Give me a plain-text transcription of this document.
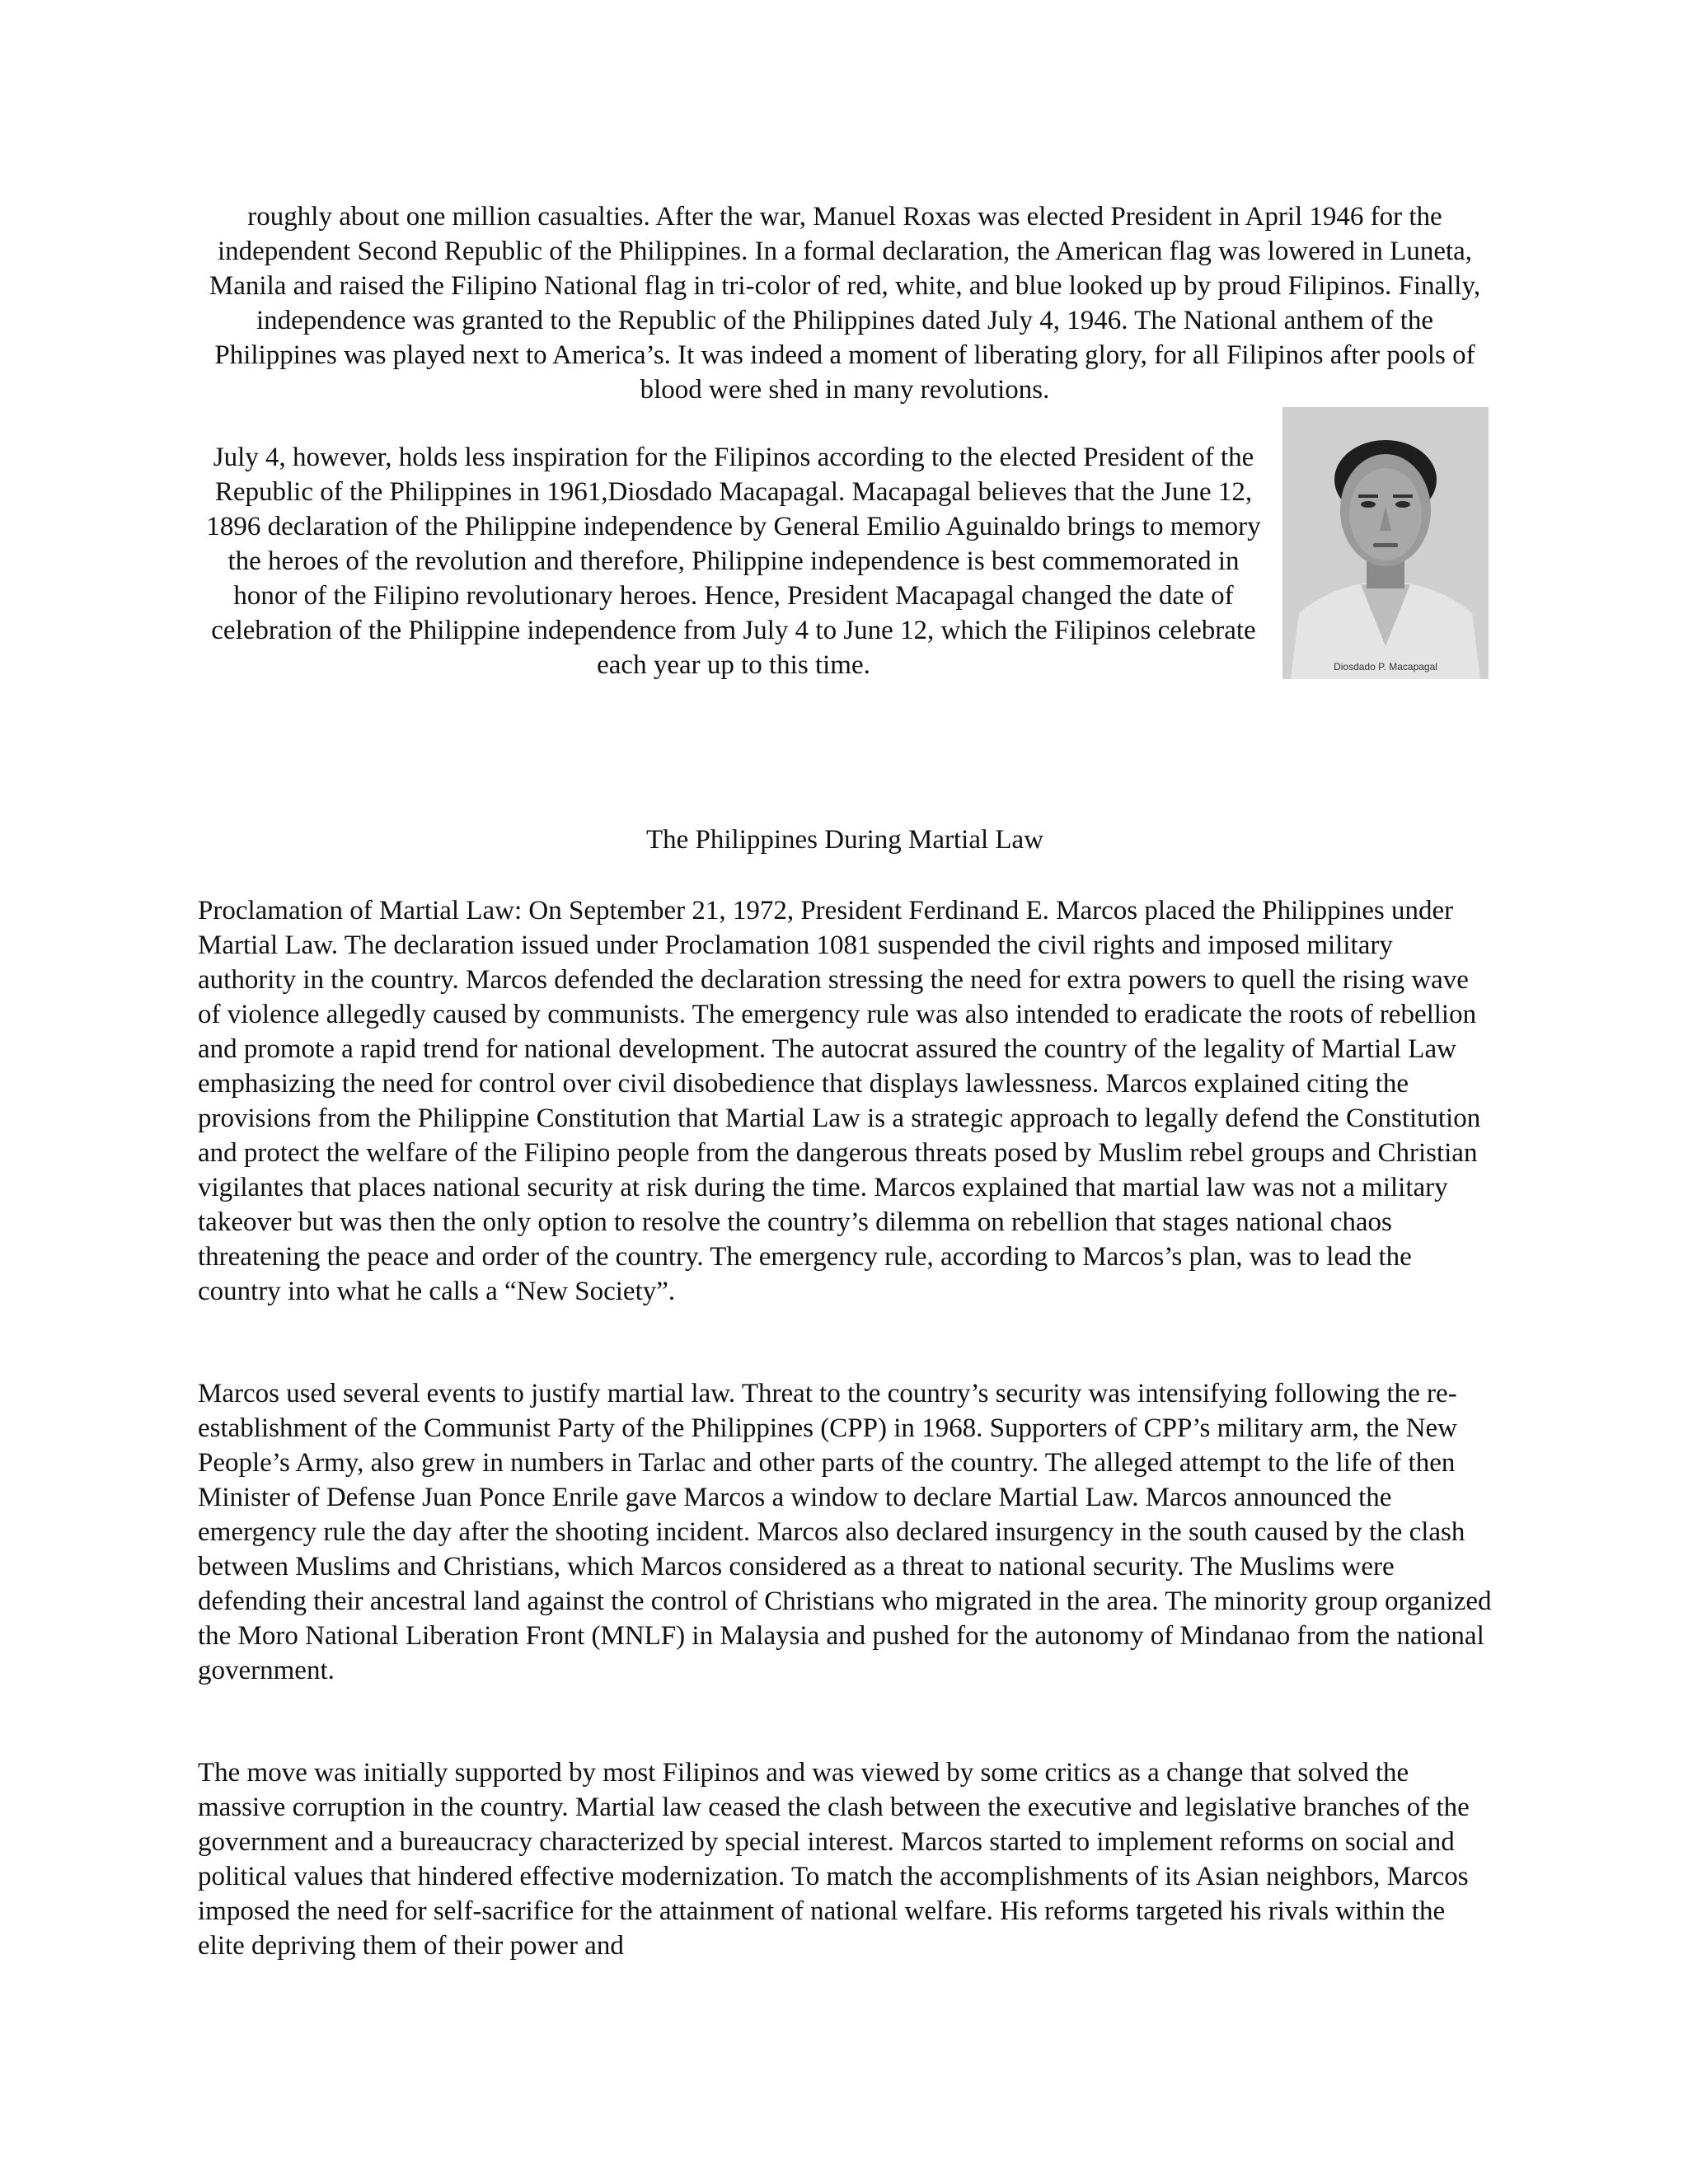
roughly about one million casualties. After the war, Manuel Roxas was elected President in April 1946 for the independent Second Republic of the Philippines. In a formal declaration, the American flag was lowered in Luneta, Manila and raised the Filipino National flag in tri-color of red, white, and blue looked up by proud Filipinos. Finally, independence was granted to the Republic of the Philippines dated July 4, 1946. The National anthem of the Philippines was played next to America’s. It was indeed a moment of liberating glory, for all Filipinos after pools of blood were shed in many revolutions.

July 4, however, holds less inspiration for the Filipinos according to the elected President of the Republic of the Philippines in 1961,Diosdado Macapagal. Macapagal believes that the June 12, 1896 declaration of the Philippine independence by General Emilio Aguinaldo brings to memory the heroes of the revolution and therefore, Philippine independence is best commemorated in honor of the Filipino revolutionary heroes. Hence, President Macapagal changed the date of celebration of the Philippine independence from July 4 to June 12, which the Filipinos celebrate each year up to this time.	Diosdado P. Macapagal
The Philippines During Martial Law

Proclamation of Martial Law: On September 21, 1972, President Ferdinand E. Marcos placed the Philippines under Martial Law. The declaration issued under Proclamation 1081 suspended the civil rights and imposed military authority in the country. Marcos defended the declaration stressing the need for extra powers to quell the rising wave of violence allegedly caused by communists. The emergency rule was also intended to eradicate the roots of rebellion and promote a rapid trend for national development. The autocrat assured the country of the legality of Martial Law emphasizing the need for control over civil disobedience that displays lawlessness. Marcos explained citing the provisions from the Philippine Constitution that Martial Law is a strategic approach to legally defend the Constitution and protect the welfare of the Filipino people from the dangerous threats posed by Muslim rebel groups and Christian vigilantes that places national security at risk during the time. Marcos explained that martial law was not a military takeover but was then the only option to resolve the country’s dilemma on rebellion that stages national chaos threatening the peace and order of the country. The emergency rule, according to Marcos’s plan, was to lead the country into what he calls a “New Society”.

Marcos used several events to justify martial law. Threat to the country’s security was intensifying following the re-establishment of the Communist Party of the Philippines (CPP) in 1968. Supporters of CPP’s military arm, the New People’s Army, also grew in numbers in Tarlac and other parts of the country. The alleged attempt to the life of then Minister of Defense Juan Ponce Enrile gave Marcos a window to declare Martial Law. Marcos announced the emergency rule the day after the shooting incident. Marcos also declared insurgency in the south caused by the clash between Muslims and Christians, which Marcos considered as a threat to national security. The Muslims were defending their ancestral land against the control of Christians who migrated in the area. The minority group organized the Moro National Liberation Front (MNLF) in Malaysia and pushed for the autonomy of Mindanao from the national government.

The move was initially supported by most Filipinos and was viewed by some critics as a change that solved the massive corruption in the country. Martial law ceased the clash between the executive and legislative branches of the government and a bureaucracy characterized by special interest. Marcos started to implement reforms on social and political values that hindered effective modernization. To match the accomplishments of its Asian neighbors, Marcos imposed the need for self-sacrifice for the attainment of national welfare. His reforms targeted his rivals within the elite depriving them of their power and
